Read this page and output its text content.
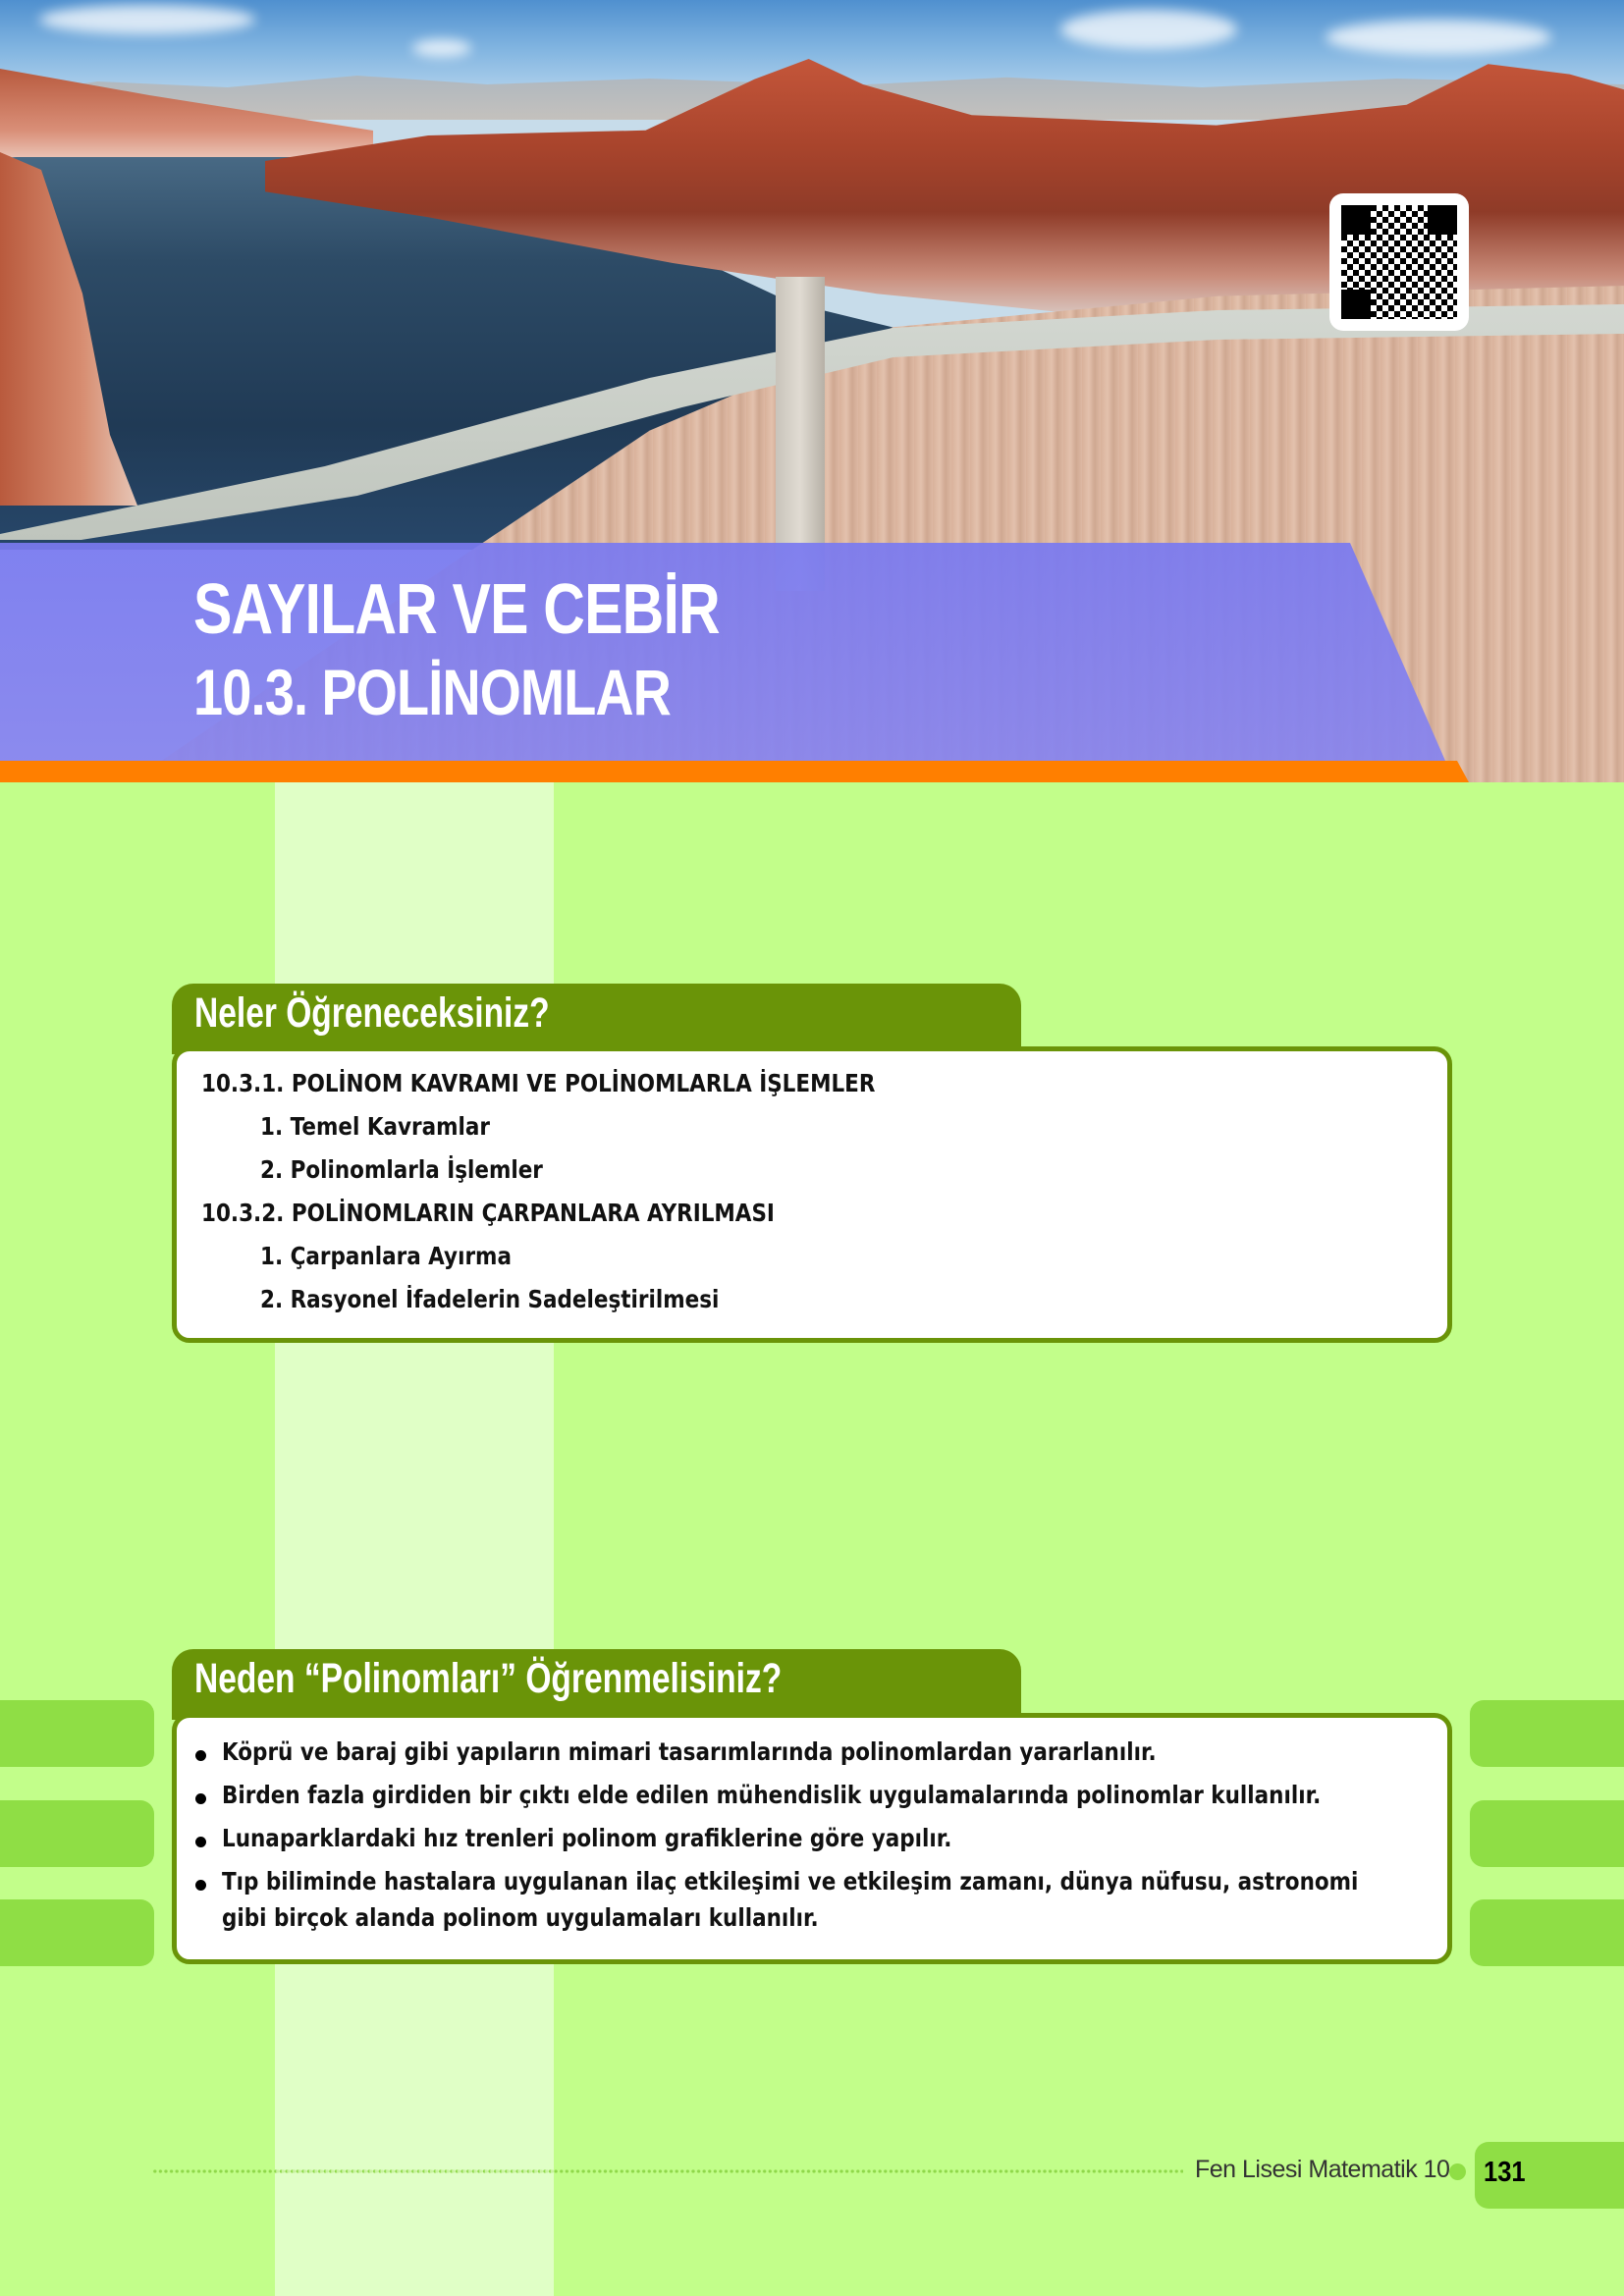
SAYILAR VE CEBİR
10.3. POLİNOMLAR
Neler Öğreneceksiniz?
10.3.1. POLİNOM KAVRAMI VE POLİNOMLARLA İŞLEMLER
1. Temel Kavramlar
2. Polinomlarla İşlemler
10.3.2. POLİNOMLARIN ÇARPANLARA AYRILMASI
1. Çarpanlara Ayırma
2. Rasyonel İfadelerin Sadeleştirilmesi
Neden “Polinomları” Öğrenmelisiniz?
Köprü ve baraj gibi yapıların mimari tasarımlarında polinomlardan yararlanılır.
Birden fazla girdiden bir çıktı elde edilen mühendislik uygulamalarında polinomlar kullanılır.
Lunaparklardaki hız trenleri polinom grafiklerine göre yapılır.
Tıp biliminde hastalara uygulanan ilaç etkileşimi ve etkileşim zamanı, dünya nüfusu, astronomi
gibi birçok alanda polinom uygulamaları kullanılır.
Fen Lisesi Matematik 10 131
